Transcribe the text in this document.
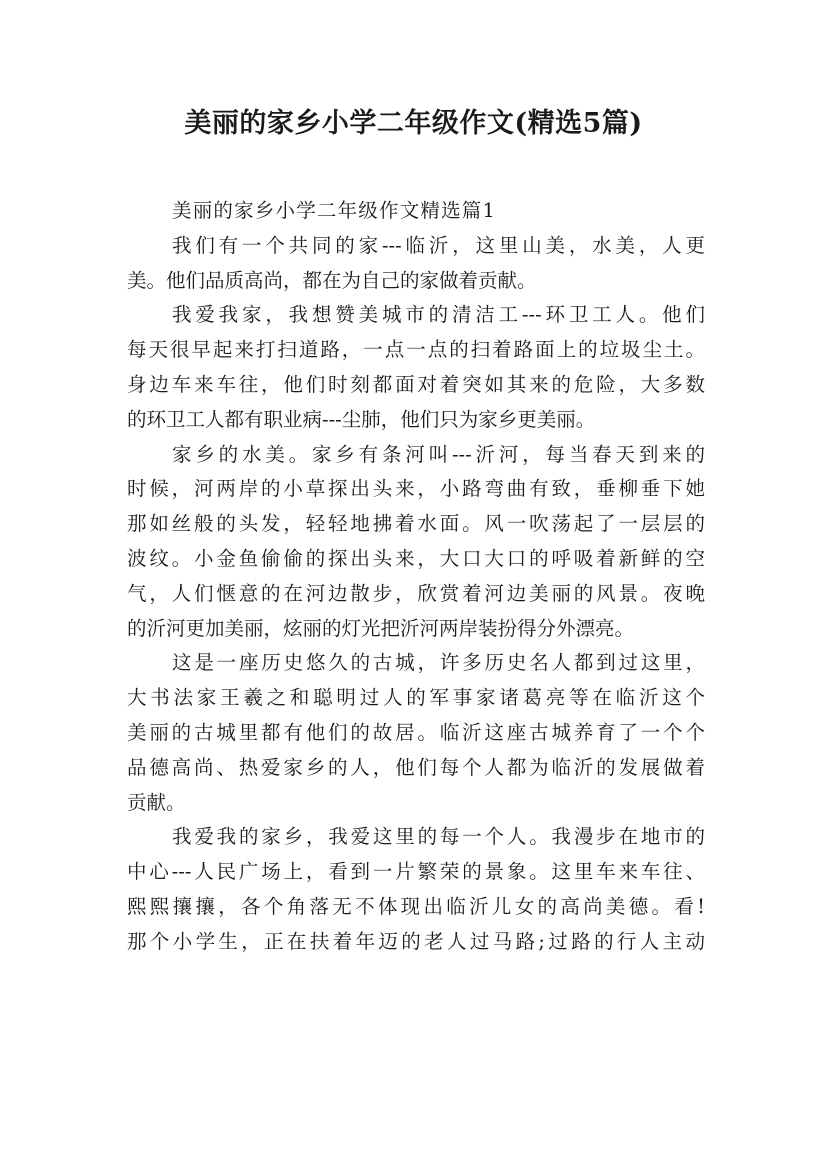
美丽的家乡小学二年级作文(精选5篇)
美丽的家乡小学二年级作文精选篇1
我们有一个共同的家---临沂，这里山美，水美，人更
美。他们品质高尚，都在为自己的家做着贡献。
我爱我家，我想赞美城市的清洁工---环卫工人。他们
每天很早起来打扫道路，一点一点的扫着路面上的垃圾尘土。
身边车来车往，他们时刻都面对着突如其来的危险，大多数
的环卫工人都有职业病---尘肺，他们只为家乡更美丽。
家乡的水美。家乡有条河叫---沂河，每当春天到来的
时候，河两岸的小草探出头来，小路弯曲有致，垂柳垂下她
那如丝般的头发，轻轻地拂着水面。风一吹荡起了一层层的
波纹。小金鱼偷偷的探出头来，大口大口的呼吸着新鲜的空
气，人们惬意的在河边散步，欣赏着河边美丽的风景。夜晚
的沂河更加美丽，炫丽的灯光把沂河两岸装扮得分外漂亮。
这是一座历史悠久的古城，许多历史名人都到过这里，
大书法家王羲之和聪明过人的军事家诸葛亮等在临沂这个
美丽的古城里都有他们的故居。临沂这座古城养育了一个个
品德高尚、热爱家乡的人，他们每个人都为临沂的发展做着
贡献。
我爱我的家乡，我爱这里的每一个人。我漫步在地市的
中心---人民广场上，看到一片繁荣的景象。这里车来车往、
熙熙攘攘，各个角落无不体现出临沂儿女的高尚美德。看!
那个小学生，正在扶着年迈的老人过马路;过路的行人主动
